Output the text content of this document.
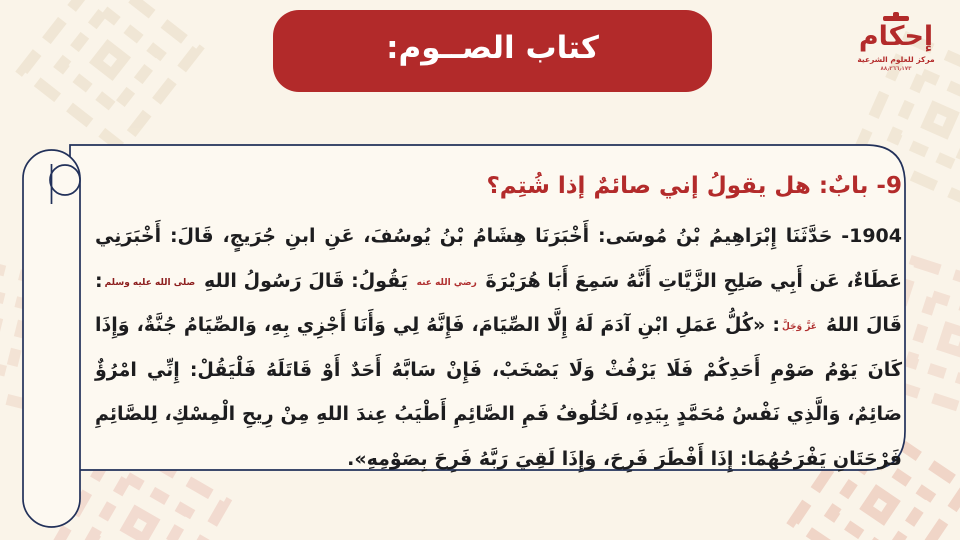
كتاب الصــوم:	إحكام
مركز للعلوم الشرعية
٨٨٫٣٦٦٫١٧٣
9- بابٌ: هل يقولُ إني صائمٌ إذا شُتِم؟

1904- حَدَّثَنَا إِبْرَاهِيمُ بْنُ مُوسَى: أَخْبَرَنَا هِشَامُ بْنُ يُوسُفَ، عَنِ ابنِ جُرَيجٍ، قَالَ: أَخْبَرَنِي عَطَاءٌ، عَن أَبِي صَلِحِ الزَّيَّاتِ أَنَّهُ سَمِعَ أَبَا هُرَيْرَةَ رضي الله عنه يَقُولُ: قَالَ رَسُولُ اللهِ صلى الله عليه وسلم: قَالَ اللهُ عَزَّ وَجَلَّ: «كُلُّ عَمَلِ ابْنِ آدَمَ لَهُ إِلَّا الصِّيَامَ، فَإِنَّهُ لِي وَأَنَا أَجْزِي بِهِ، وَالصِّيَامُ جُنَّةٌ، وَإِذَا كَانَ يَوْمُ صَوْمِ أَحَدِكُمْ فَلَا يَرْفُثْ وَلَا يَصْخَبْ، فَإِنْ سَابَّهُ أَحَدٌ أَوْ قَاتَلَهُ فَلْيَقُلْ: إِنِّي امْرُؤٌ صَائِمٌ، وَالَّذِي نَفْسُ مُحَمَّدٍ بِيَدِهِ، لَخُلُوفُ فَمِ الصَّائِمِ أَطْيَبُ عِندَ اللهِ مِنْ رِيحِ الْمِسْكِ، لِلصَّائِمِ فَرْحَتَانِ يَفْرَحُهُمَا: إِذَا أَفْطَرَ فَرِحَ، وَإِذَا لَقِيَ رَبَّهُ فَرِحَ بِصَوْمِهِ».
